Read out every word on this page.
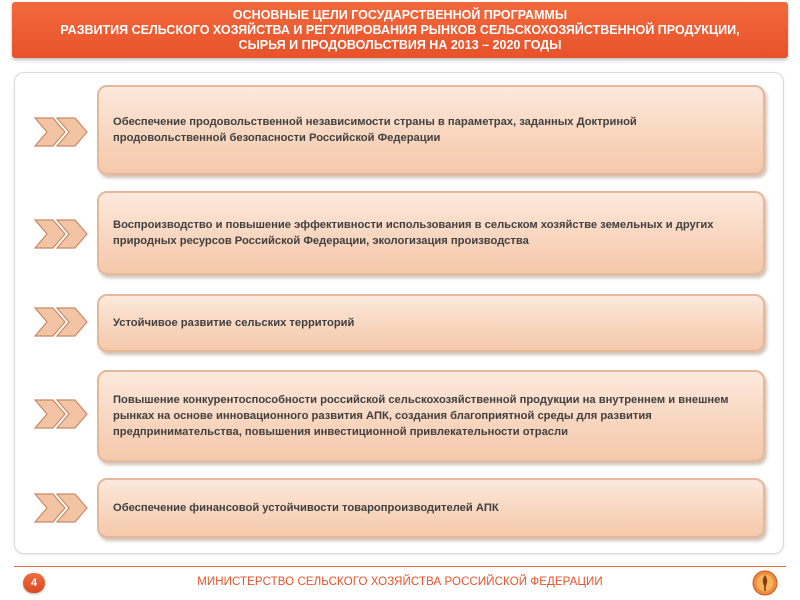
ОСНОВНЫЕ ЦЕЛИ ГОСУДАРСТВЕННОЙ ПРОГРАММЫ
РАЗВИТИЯ СЕЛЬСКОГО ХОЗЯЙСТВА И РЕГУЛИРОВАНИЯ РЫНКОВ СЕЛЬСКОХОЗЯЙСТВЕННОЙ ПРОДУКЦИИ,
СЫРЬЯ И ПРОДОВОЛЬСТВИЯ НА 2013 – 2020 ГОДЫ
Обеспечение продовольственной независимости страны в параметрах, заданных Доктриной продовольственной безопасности Российской Федерации
Воспроизводство и повышение эффективности использования в сельском хозяйстве земельных и других природных ресурсов Российской Федерации, экологизация производства
Устойчивое развитие сельских территорий
Повышение конкурентоспособности российской сельскохозяйственной продукции на внутреннем и внешнем рынках на основе инновационного развития АПК, создания благоприятной среды для развития предпринимательства, повышения инвестиционной привлекательности отрасли
Обеспечение финансовой устойчивости товаропроизводителей АПК
4	МИНИСТЕРСТВО СЕЛЬСКОГО ХОЗЯЙСТВА РОССИЙСКОЙ ФЕДЕРАЦИИ
